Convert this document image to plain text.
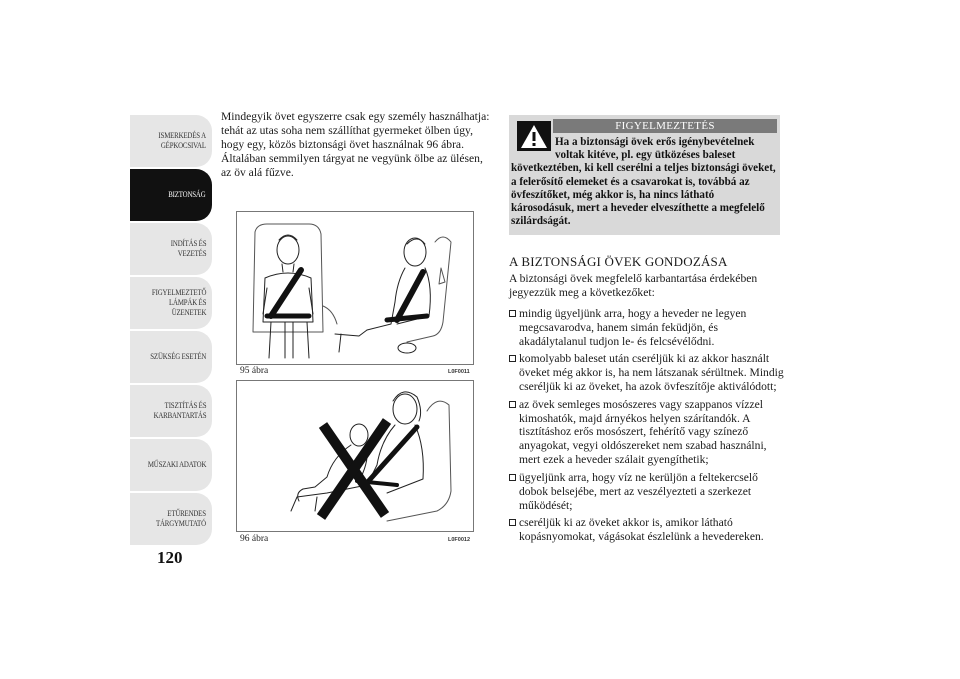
ISMERKEDÉS A
GÉPKOCSIVAL
BIZTONSÁG
INDÍTÁS ÉS
VEZETÉS
FIGYELMEZTETŐ
LÁMPÁK ÉS
ÜZENETEK
SZÜKSÉG ESETÉN
TISZTÍTÁS ÉS
KARBANTARTÁS
MŰSZAKI ADATOK
ETŰRENDES
TÁRGYMUTATÓ
120

Mindegyik övet egyszerre csak egy személy használhatja: tehát az utas soha nem szállíthat gyermeket ölben úgy, hogy egy, közös biztonsági övet használnak 96 ábra. Általában semmilyen tárgyat ne vegyünk ölbe az ülésen, az öv alá fűzve.

95 ábra	L0F0011
96 ábra	L0F0012
FIGYELMEZTETÉS

Ha a biztonsági övek erős igénybevételnek voltak kitéve, pl. egy ütközéses baleset
következtében, ki kell cserélni a teljes biztonsági öveket, a felerősítő elemeket és a csavarokat is, továbbá az övfeszítőket, még akkor is, ha nincs látható károsodásuk, mert a heveder elveszíthette a megfelelő szilárdságát.

A BIZTONSÁGI ÖVEK GONDOZÁSA

A biztonsági övek megfelelő karbantartása érdekében jegyezzük meg a következőket:

mindig ügyeljünk arra, hogy a heveder ne legyen megcsavarodva, hanem simán feküdjön, és akadálytalanul tudjon le- és felcsévélődni.
komolyabb baleset után cseréljük ki az akkor használt öveket még akkor is, ha nem látszanak sérültnek. Mindig cseréljük ki az öveket, ha azok övfeszítője aktiválódott;
az övek semleges mosószeres vagy szappanos vízzel kimoshatók, majd árnyékos helyen szárítandók. A tisztításhoz erős mosószert, fehérítő vagy színező anyagokat, vegyi oldószereket nem szabad használni, mert ezek a heveder szálait gyengíthetik;
ügyeljünk arra, hogy víz ne kerüljön a feltekercselő dobok belsejébe, mert az veszélyezteti a szerkezet működését;
cseréljük ki az öveket akkor is, amikor látható kopásnyomokat, vágásokat észlelünk a hevedereken.
